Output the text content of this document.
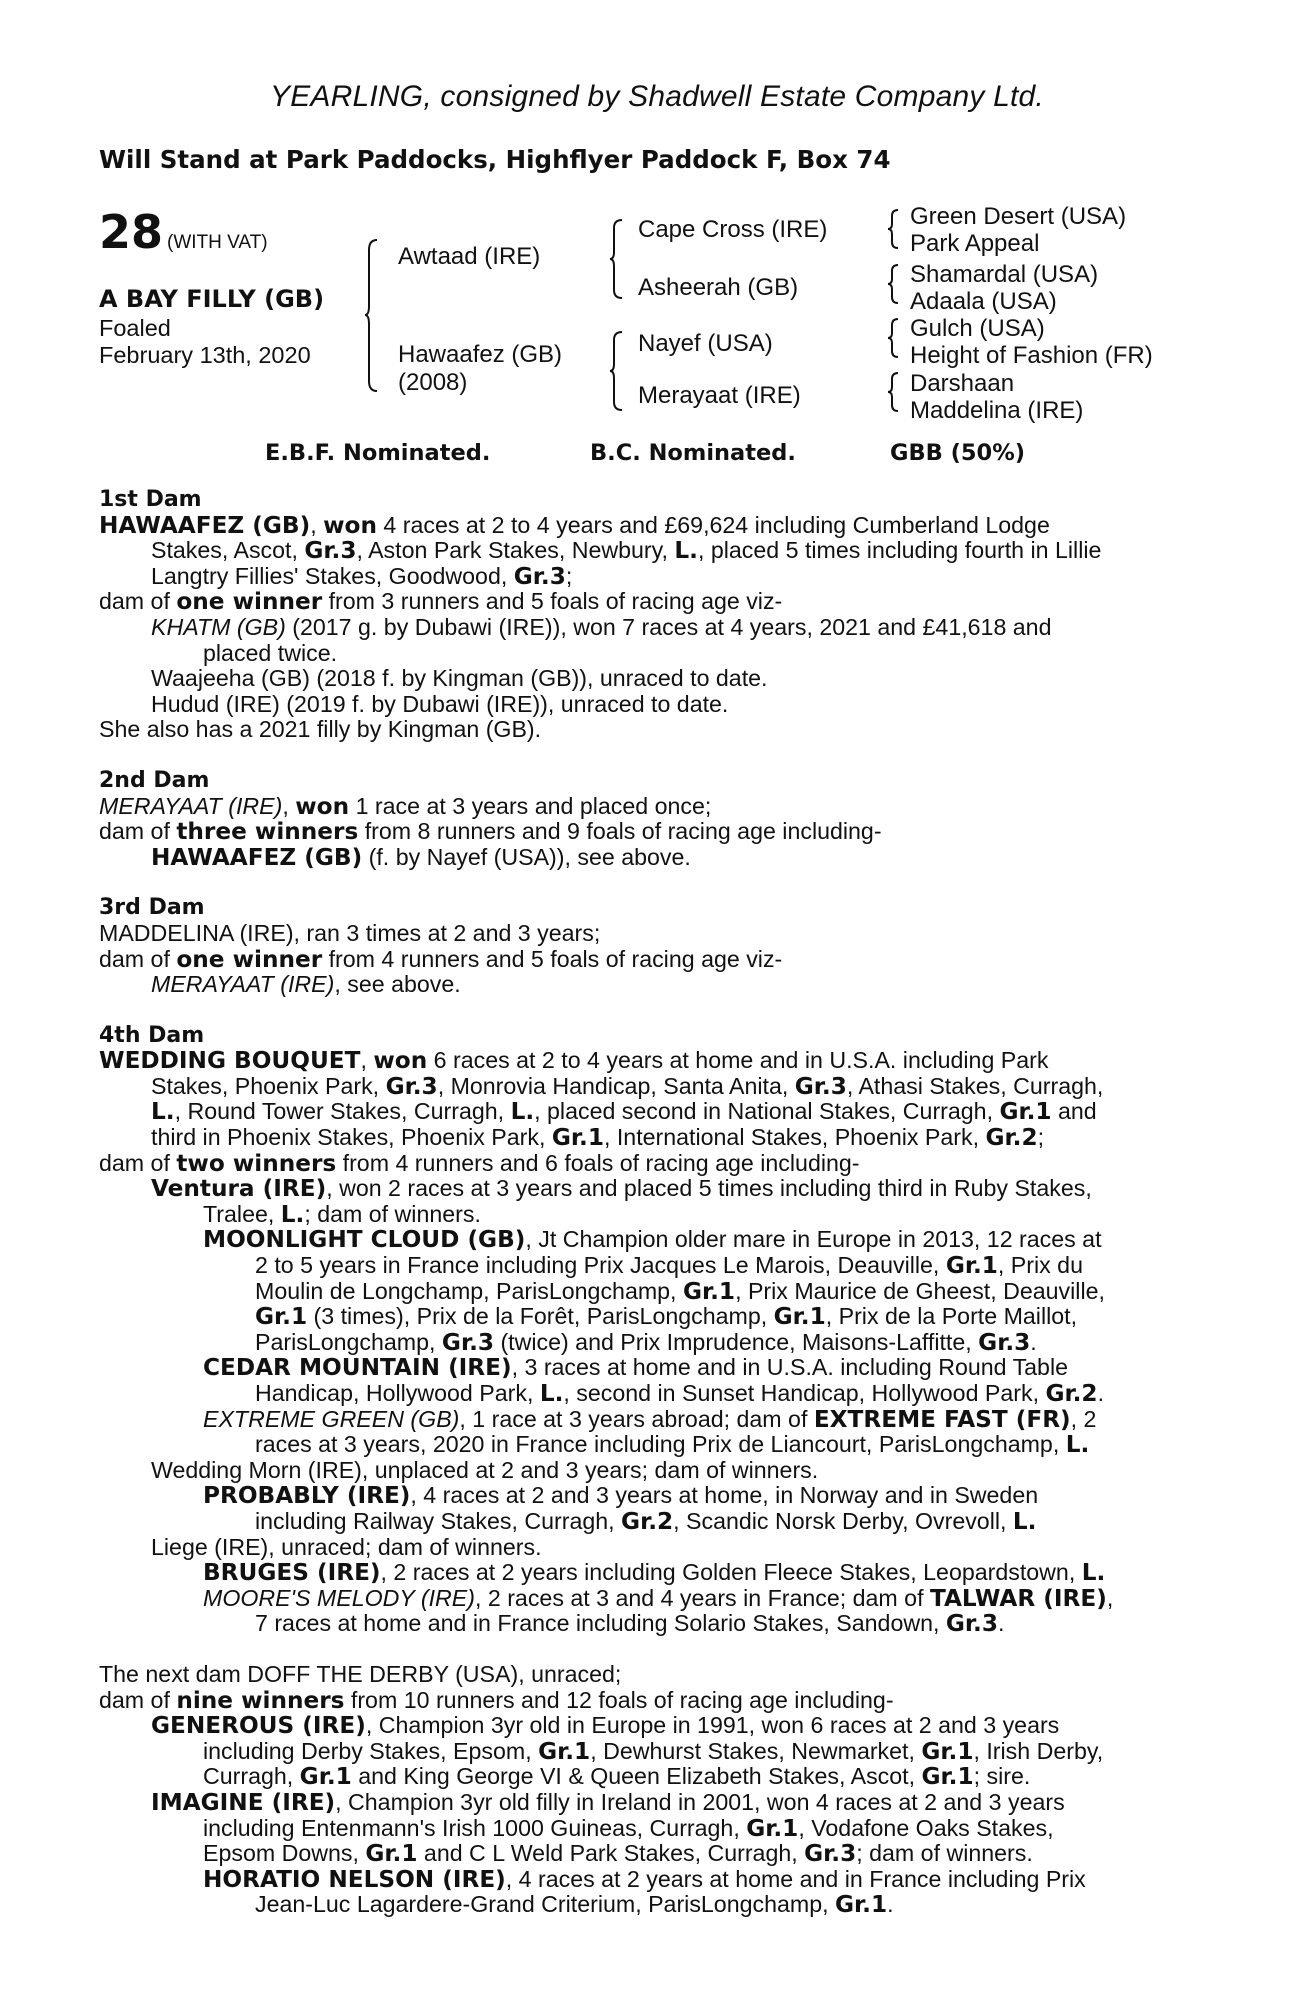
YEARLING, consigned by Shadwell Estate Company Ltd.
Will Stand at Park Paddocks, Highflyer Paddock F, Box 74
28 (WITH VAT)
A BAY FILLY (GB)
Foaled
February 13th, 2020
Awtaad (IRE)
Hawaafez (GB)
(2008)
Cape Cross (IRE)
Asheerah (GB)
Nayef (USA)
Merayaat (IRE)
Green Desert (USA)
Park Appeal
Shamardal (USA)
Adaala (USA)
Gulch (USA)
Height of Fashion (FR)
Darshaan
Maddelina (IRE)
E.B.F. Nominated.	B.C. Nominated.	GBB (50%)

1st Dam

HAWAAFEZ (GB), won 4 races at 2 to 4 years and £69,624 including Cumberland Lodge

Stakes, Ascot, Gr.3, Aston Park Stakes, Newbury, L., placed 5 times including fourth in Lillie

Langtry Fillies' Stakes, Goodwood, Gr.3;

dam of one winner from 3 runners and 5 foals of racing age viz-

KHATM (GB) (2017 g. by Dubawi (IRE)), won 7 races at 4 years, 2021 and £41,618 and

placed twice.

Waajeeha (GB) (2018 f. by Kingman (GB)), unraced to date.

Hudud (IRE) (2019 f. by Dubawi (IRE)), unraced to date.

She also has a 2021 filly by Kingman (GB).

2nd Dam

MERAYAAT (IRE), won 1 race at 3 years and placed once;

dam of three winners from 8 runners and 9 foals of racing age including-

HAWAAFEZ (GB) (f. by Nayef (USA)), see above.

3rd Dam

MADDELINA (IRE), ran 3 times at 2 and 3 years;

dam of one winner from 4 runners and 5 foals of racing age viz-

MERAYAAT (IRE), see above.

4th Dam

WEDDING BOUQUET, won 6 races at 2 to 4 years at home and in U.S.A. including Park

Stakes, Phoenix Park, Gr.3, Monrovia Handicap, Santa Anita, Gr.3, Athasi Stakes, Curragh,

L., Round Tower Stakes, Curragh, L., placed second in National Stakes, Curragh, Gr.1 and

third in Phoenix Stakes, Phoenix Park, Gr.1, International Stakes, Phoenix Park, Gr.2;

dam of two winners from 4 runners and 6 foals of racing age including-

Ventura (IRE), won 2 races at 3 years and placed 5 times including third in Ruby Stakes,

Tralee, L.; dam of winners.

MOONLIGHT CLOUD (GB), Jt Champion older mare in Europe in 2013, 12 races at

2 to 5 years in France including Prix Jacques Le Marois, Deauville, Gr.1, Prix du

Moulin de Longchamp, ParisLongchamp, Gr.1, Prix Maurice de Gheest, Deauville,

Gr.1 (3 times), Prix de la Forêt, ParisLongchamp, Gr.1, Prix de la Porte Maillot,

ParisLongchamp, Gr.3 (twice) and Prix Imprudence, Maisons-Laffitte, Gr.3.

CEDAR MOUNTAIN (IRE), 3 races at home and in U.S.A. including Round Table

Handicap, Hollywood Park, L., second in Sunset Handicap, Hollywood Park, Gr.2.

EXTREME GREEN (GB), 1 race at 3 years abroad; dam of EXTREME FAST (FR), 2

races at 3 years, 2020 in France including Prix de Liancourt, ParisLongchamp, L.

Wedding Morn (IRE), unplaced at 2 and 3 years; dam of winners.

PROBABLY (IRE), 4 races at 2 and 3 years at home, in Norway and in Sweden

including Railway Stakes, Curragh, Gr.2, Scandic Norsk Derby, Ovrevoll, L.

Liege (IRE), unraced; dam of winners.

BRUGES (IRE), 2 races at 2 years including Golden Fleece Stakes, Leopardstown, L.

MOORE'S MELODY (IRE), 2 races at 3 and 4 years in France; dam of TALWAR (IRE),

7 races at home and in France including Solario Stakes, Sandown, Gr.3.

The next dam DOFF THE DERBY (USA), unraced;

dam of nine winners from 10 runners and 12 foals of racing age including-

GENEROUS (IRE), Champion 3yr old in Europe in 1991, won 6 races at 2 and 3 years

including Derby Stakes, Epsom, Gr.1, Dewhurst Stakes, Newmarket, Gr.1, Irish Derby,

Curragh, Gr.1 and King George VI & Queen Elizabeth Stakes, Ascot, Gr.1; sire.

IMAGINE (IRE), Champion 3yr old filly in Ireland in 2001, won 4 races at 2 and 3 years

including Entenmann's Irish 1000 Guineas, Curragh, Gr.1, Vodafone Oaks Stakes,

Epsom Downs, Gr.1 and C L Weld Park Stakes, Curragh, Gr.3; dam of winners.

HORATIO NELSON (IRE), 4 races at 2 years at home and in France including Prix

Jean-Luc Lagardere-Grand Criterium, ParisLongchamp, Gr.1.
